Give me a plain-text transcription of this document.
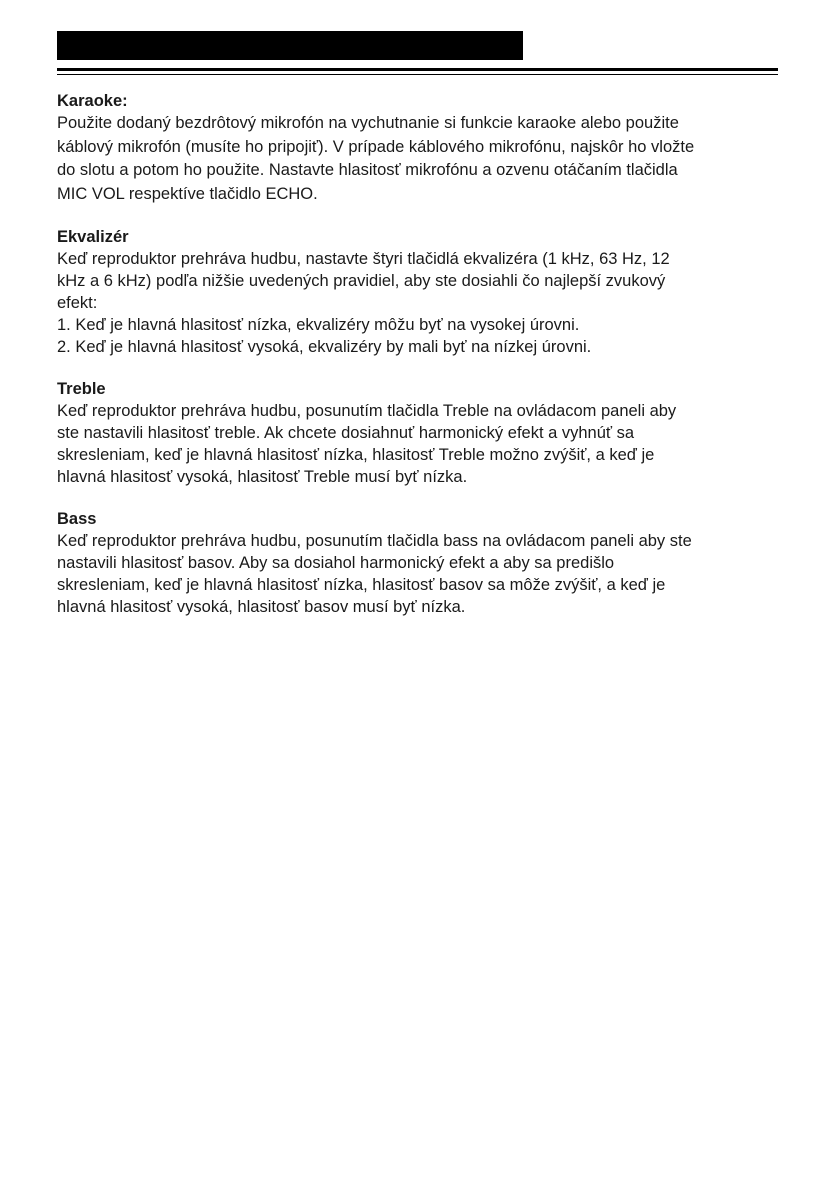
Karaoke:

Použite dodaný bezdrôtový mikrofón na vychutnanie si funkcie karaoke alebo použite káblový mikrofón (musíte ho pripojiť). V prípade káblového mikrofónu, najskôr ho vložte do slotu a potom ho použite. Nastavte hlasitosť mikrofónu a ozvenu otáčaním tlačidla MIC VOL respektíve tlačidlo ECHO.

Ekvalizér

Keď reproduktor prehráva hudbu, nastavte štyri tlačidlá ekvalizéra (1 kHz, 63 Hz, 12 kHz a 6 kHz) podľa nižšie uvedených pravidiel, aby ste dosiahli čo najlepší zvukový efekt:

1. Keď je hlavná hlasitosť nízka, ekvalizéry môžu byť na vysokej úrovni.

2. Keď je hlavná hlasitosť vysoká, ekvalizéry by mali byť na nízkej úrovni.

Treble

Keď reproduktor prehráva hudbu, posunutím tlačidla Treble na ovládacom paneli aby ste nastavili hlasitosť treble. Ak chcete dosiahnuť harmonický efekt a vyhnúť sa skresleniam, keď je hlavná hlasitosť nízka, hlasitosť Treble možno zvýšiť, a keď je hlavná hlasitosť vysoká, hlasitosť Treble musí byť nízka.

Bass

Keď reproduktor prehráva hudbu, posunutím tlačidla bass na ovládacom paneli aby ste nastavili hlasitosť basov. Aby sa dosiahol harmonický efekt a aby sa predišlo skresleniam, keď je hlavná hlasitosť nízka, hlasitosť basov sa môže zvýšiť, a keď je hlavná hlasitosť vysoká, hlasitosť basov musí byť nízka.
